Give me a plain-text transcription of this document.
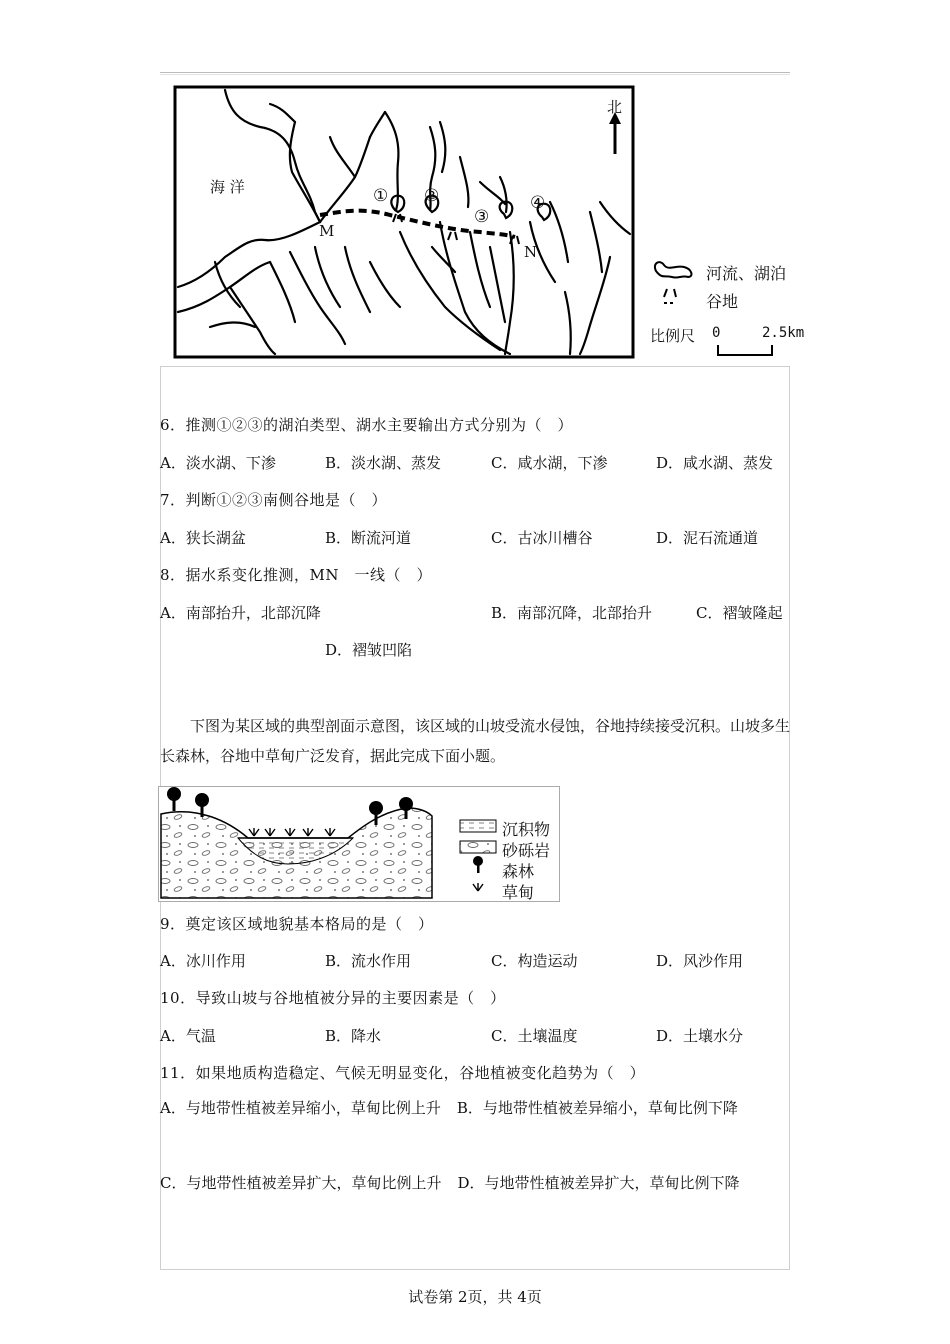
海 洋
北
M
N
① ②
③
④
河流、湖泊
谷地
比例尺 0	2.5km
6．推测①②③的湖泊类型、湖水主要输出方式分别为（　）
A．淡水湖、下渗	B．淡水湖、蒸发	C．咸水湖，下渗	D．咸水湖、蒸发
7．判断①②③南侧谷地是（　）
A．狭长湖盆	B．断流河道	C．古冰川槽谷	D．泥石流通道
8．据水系变化推测，MN　一线（　）
A．南部抬升，北部沉降	B．南部沉降，北部抬升	C．褶皱隆起
D．褶皱凹陷
下图为某区域的典型剖面示意图，该区域的山坡受流水侵蚀，谷地持续接受沉积。山坡多生长森林，谷地中草甸广泛发育，据此完成下面小题。
沉积物
砂砾岩
森林
草甸
9．奠定该区域地貌基本格局的是（　）
A．冰川作用	B．流水作用	C．构造运动	D．风沙作用
10．导致山坡与谷地植被分异的主要因素是（　）
A．气温	B．降水	C．土壤温度	D．土壤水分
11．如果地质构造稳定、气候无明显变化，谷地植被变化趋势为（　）
A．与地带性植被差异缩小，草甸比例上升 B．与地带性植被差异缩小，草甸比例下降
C．与地带性植被差异扩大，草甸比例上升 D．与地带性植被差异扩大，草甸比例下降
试卷第 2页，共 4页
